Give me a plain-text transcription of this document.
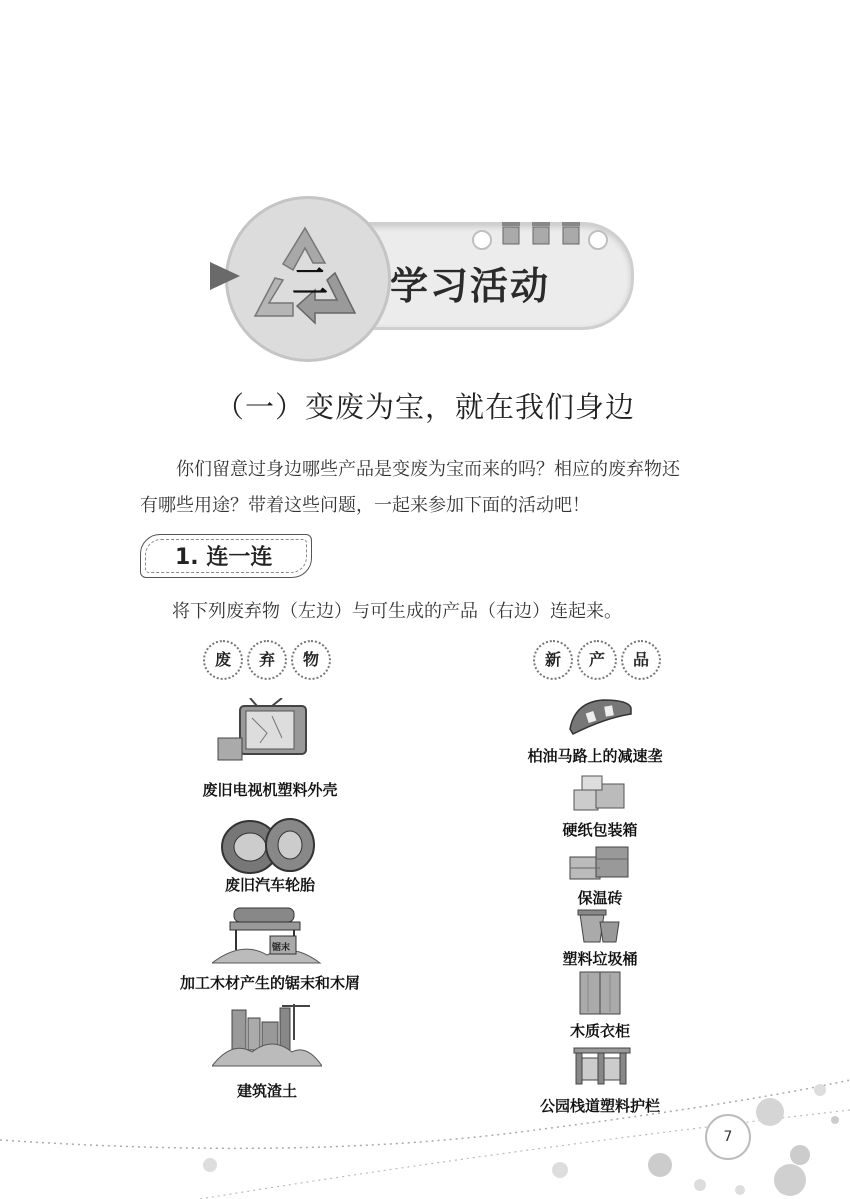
二 学习活动
（一）变废为宝，就在我们身边
你们留意过身边哪些产品是变废为宝而来的吗？相应的废弃物还
有哪些用途？带着这些问题，一起来参加下面的活动吧！
1. 连一连
将下列废弃物（左边）与可生成的产品（右边）连起来。
废	弃	物	新	产	品
废旧电视机塑料外壳
废旧汽车轮胎
锯末
加工木材产生的锯末和木屑
建筑渣土
柏油马路上的减速垄
硬纸包装箱
保温砖
塑料垃圾桶
木质衣柜
公园栈道塑料护栏
7
